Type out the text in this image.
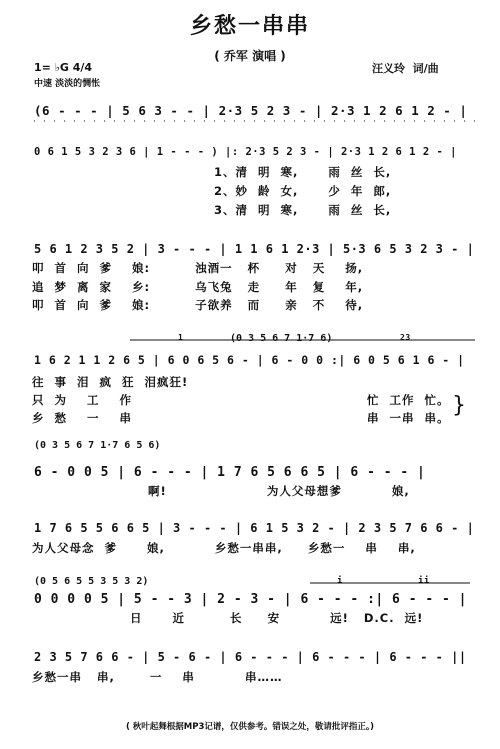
乡愁一串串
( 乔军 演唱 )
1= ♭G 4/4	汪义玲  词/曲
中速 淡淡的惆怅
(6 - - - | 5 6 3 - - | 2·3 5 2 3 - | 2·3 1 2 6 1 2 - |
0 6 1 5 3 2 3 6 | 1 - - - ) |: 2·3 5 2 3 - | 2·3 1 2 6 1 2 - |
5 6 1 2 3 5 2 | 3 - - - | 1 1 6 1 2·3 | 5·3 6 5 3 2 3 - |
1 6 2 1 1 2 6 5 | 6 0 6 5 6 - | 6 - 0 0 :| 6 0 5 6 1 6 - |
6 - 0 0 5 | 6 - - - | 1 7 6 5 6 6 5 | 6 - - - |
1 7 6 5 5 6 6 5 | 3 - - - | 6 1 5 3 2 - | 2 3 5 7 6 6 - |
0 0 0 0 5 | 5 - - 3 | 2 - 3 - | 6 - - - :| 6 - - - |
2 3 5 7 6 6 - | 5 - 6 - | 6 - - - | 6 - - - | 6 - - - ||
(0 3 5 6 7 1·7 6)
(0 3 5 6 7 1·7 6 5 6)
(0 5 6 5 5 3 5 3 2)
1、清  明  寒,      雨  丝  长,
2、妙  龄  女,      少  年  郎,
3、清  明  寒,      雨  丝  长,
叩  首  向  爹    娘:         浊酒一   杯     对   天    扬,
追  梦  离  家    乡:         乌飞兔   走     年   复    年,
叩  首  向  爹    娘:         子欲养   而     亲   不    待,
往  事  泪  疯  狂  泪疯狂!
只  为    工    作	忙  工作  忙。
乡  愁    一    串	串  一串  串。
啊!                    为人父母想爹          娘,
为人父母念  爹      娘,          乡愁一串串,     乡愁一    串    串,
日      近         长     安          远!   D.C.  远!
乡愁一串   串,       一    串          串……
1	23
i	ii
}
( 秋叶起舞根据MP3记谱，仅供参考。错误之处，敬请批评指正。)
